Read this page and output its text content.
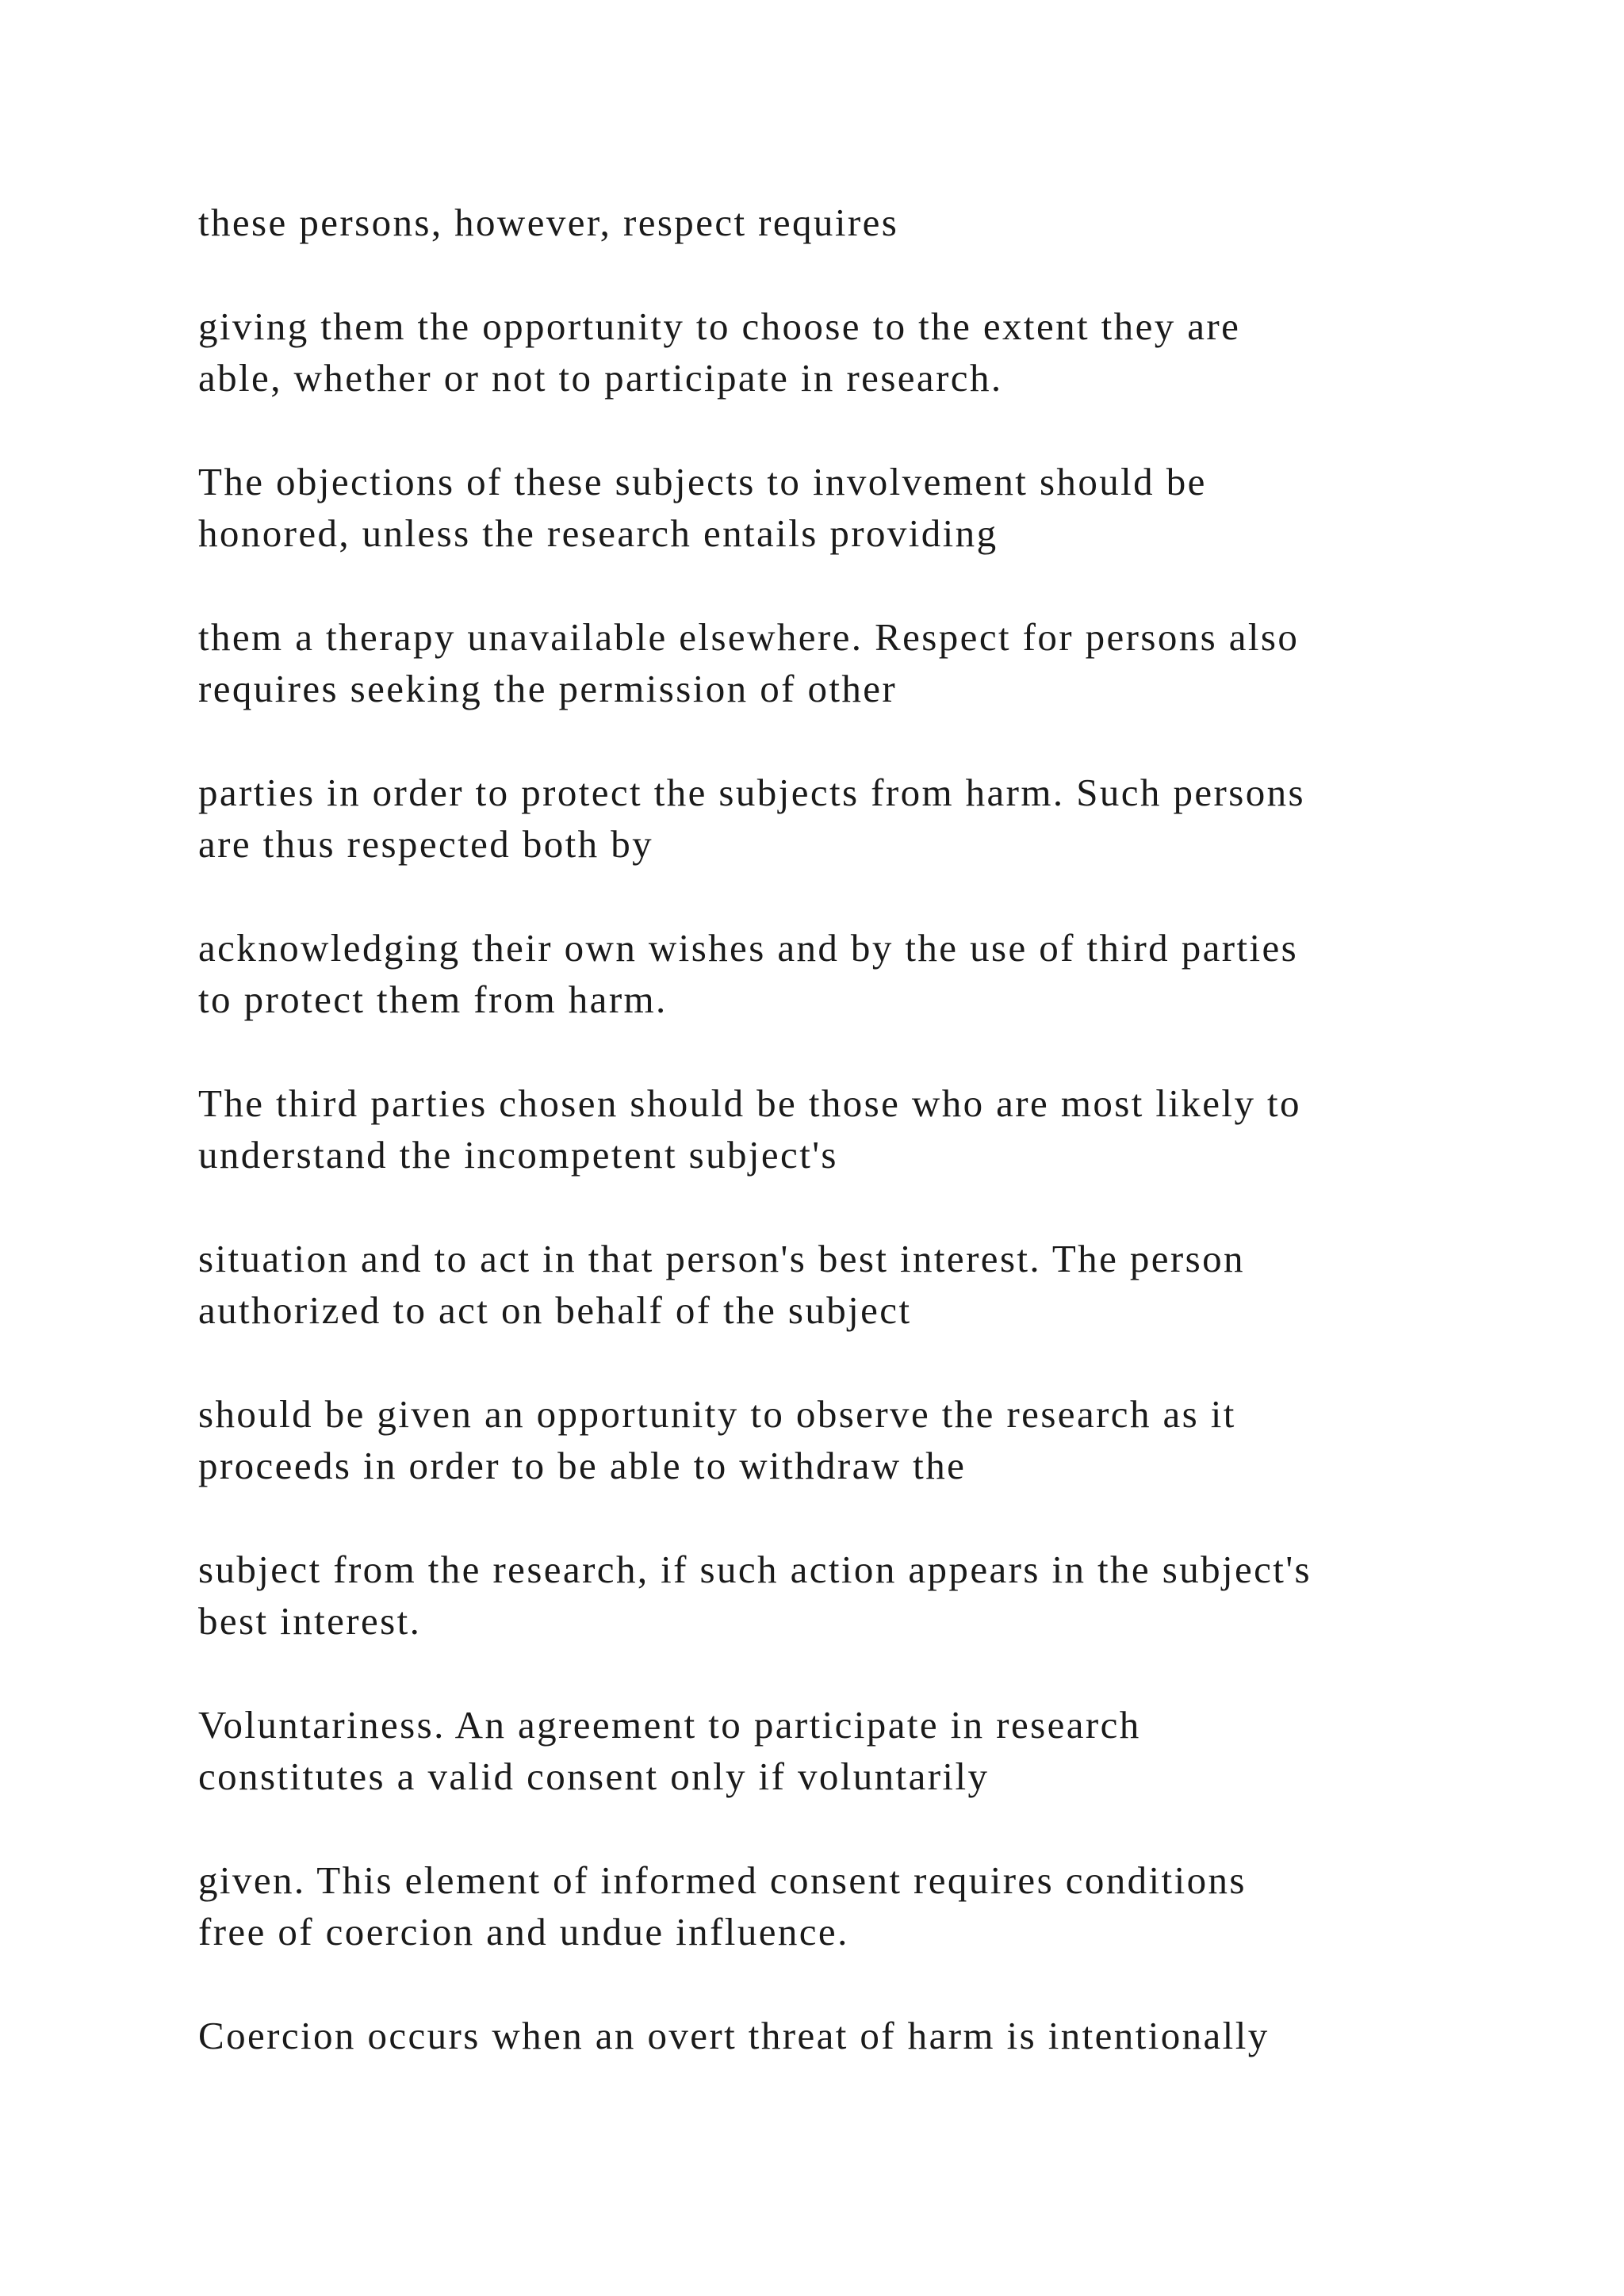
these persons, however, respect requires

giving them the opportunity to choose to the extent they are
able, whether or not to participate in research.

The objections of these subjects to involvement should be
honored, unless the research entails providing

them a therapy unavailable elsewhere. Respect for persons also
requires seeking the permission of other

parties in order to protect the subjects from harm. Such persons
are thus respected both by

acknowledging their own wishes and by the use of third parties
to protect them from harm.

The third parties chosen should be those who are most likely to
understand the incompetent subject's

situation and to act in that person's best interest. The person
authorized to act on behalf of the subject

should be given an opportunity to observe the research as it
proceeds in order to be able to withdraw the

subject from the research, if such action appears in the subject's
best interest.

Voluntariness. An agreement to participate in research
constitutes a valid consent only if voluntarily

given. This element of informed consent requires conditions
free of coercion and undue influence.

Coercion occurs when an overt threat of harm is intentionally
